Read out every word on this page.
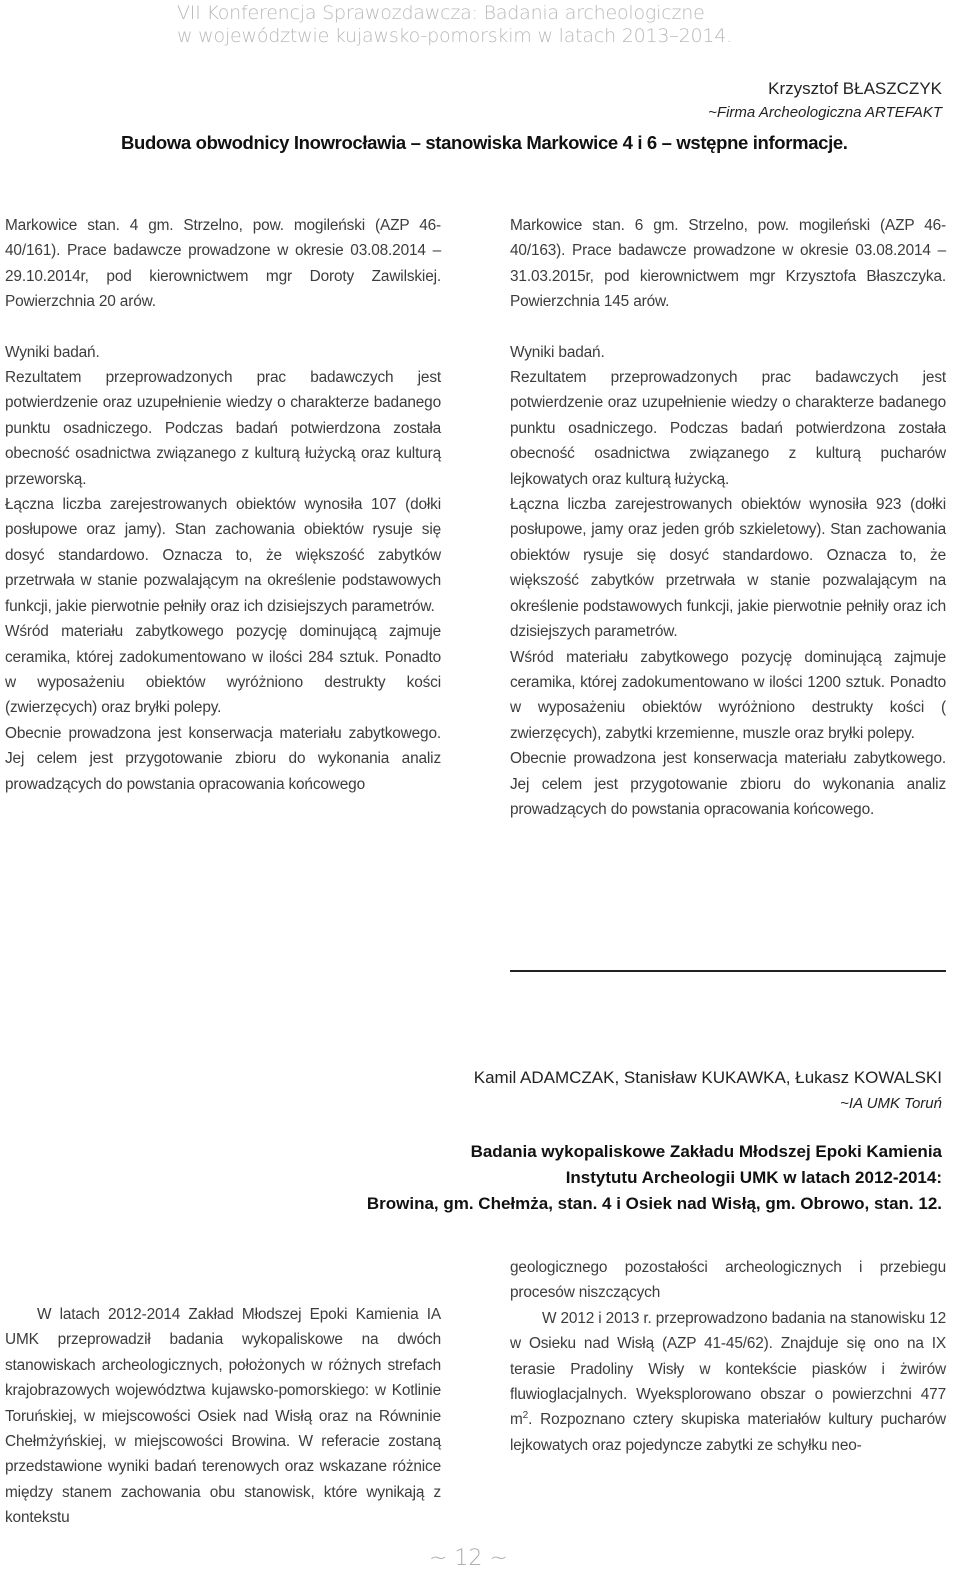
VII Konferencja Sprawozdawcza: Badania archeologiczne
w województwie kujawsko-pomorskim w latach 2013–2014.
Krzysztof BŁASZCZYK
~Firma Archeologiczna ARTEFAKT
Budowa obwodnicy Inowrocławia – stanowiska Markowice 4 i 6 – wstępne informacje.

Markowice stan. 4 gm. Strzelno, pow. mogileński (AZP 46-40/161). Prace badawcze prowadzone w okresie 03.08.2014 – 29.10.2014r, pod kierownictwem mgr Doroty Zawilskiej. Powierzchnia 20 arów.

Wyniki badań.

Rezultatem przeprowadzonych prac badawczych jest potwierdzenie oraz uzupełnienie wiedzy o charakterze badanego punktu osadniczego. Podczas badań potwierdzona została obecność osadnictwa związanego z kulturą łużycką oraz kulturą przeworską.

Łączna liczba zarejestrowanych obiektów wynosiła 107 (dołki posłupowe oraz jamy). Stan zachowania obiektów rysuje się dosyć standardowo. Oznacza to, że większość zabytków przetrwała w stanie pozwalającym na określenie podstawowych funkcji, jakie pierwotnie pełniły oraz ich dzisiejszych parametrów.

Wśród materiału zabytkowego pozycję dominującą zajmuje ceramika, której zadokumentowano w ilości 284 sztuk. Ponadto w wyposażeniu obiektów wyróżniono destrukty kości (zwierzęcych) oraz bryłki polepy.

Obecnie prowadzona jest konserwacja materiału zabytkowego. Jej celem jest przygotowanie zbioru do wykonania analiz prowadzących do powstania opracowania końcowego

Markowice stan. 6 gm. Strzelno, pow. mogileński (AZP 46-40/163). Prace badawcze prowadzone w okresie 03.08.2014 – 31.03.2015r, pod kierownictwem mgr Krzysztofa Błaszczyka. Powierzchnia 145 arów.

Wyniki badań.

Rezultatem przeprowadzonych prac badawczych jest potwierdzenie oraz uzupełnienie wiedzy o charakterze badanego punktu osadniczego. Podczas badań potwierdzona została obecność osadnictwa związanego z kulturą pucharów lejkowatych oraz kulturą łużycką.

Łączna liczba zarejestrowanych obiektów wynosiła 923 (dołki posłupowe, jamy oraz jeden grób szkieletowy). Stan zachowania obiektów rysuje się dosyć standardowo. Oznacza to, że większość zabytków przetrwała w stanie pozwalającym na określenie podstawowych funkcji, jakie pierwotnie pełniły oraz ich dzisiejszych parametrów.

Wśród materiału zabytkowego pozycję dominującą zajmuje ceramika, której zadokumentowano w ilości 1200 sztuk. Ponadto w wyposażeniu obiektów wyróżniono destrukty kości ( zwierzęcych), zabytki krzemienne, muszle oraz bryłki polepy.

Obecnie prowadzona jest konserwacja materiału zabytkowego. Jej celem jest przygotowanie zbioru do wykonania analiz prowadzących do powstania opracowania końcowego.

Kamil ADAMCZAK, Stanisław KUKAWKA, Łukasz KOWALSKI
~IA UMK Toruń
Badania wykopaliskowe Zakładu Młodszej Epoki Kamienia
Instytutu Archeologii UMK w latach 2012-2014:
Browina, gm. Chełmża, stan. 4 i Osiek nad Wisłą, gm. Obrowo, stan. 12.

W latach 2012-2014 Zakład Młodszej Epoki Kamienia IA UMK przeprowadził badania wykopaliskowe na dwóch stanowiskach archeologicznych, położonych w różnych strefach krajobrazowych województwa kujawsko-pomorskiego: w Kotlinie Toruńskiej, w miejscowości Osiek nad Wisłą oraz na Równinie Chełmżyńskiej, w miejscowości Browina. W referacie zostaną przedstawione wyniki badań terenowych oraz wskazane różnice między stanem zachowania obu stanowisk, które wynikają z kontekstu

geologicznego pozostałości archeologicznych i przebiegu procesów niszczących

W 2012 i 2013 r. przeprowadzono badania na stanowisku 12 w Osieku nad Wisłą (AZP 41-45/62). Znajduje się ono na IX terasie Pradoliny Wisły w kontekście piasków i żwirów fluwioglacjalnych. Wyeksplorowano obszar o powierzchni 477 $m^2$. Rozpoznano cztery skupiska materiałów kultury pucharów lejkowatych oraz pojedyncze zabytki ze schyłku neo-

~ 12 ~
